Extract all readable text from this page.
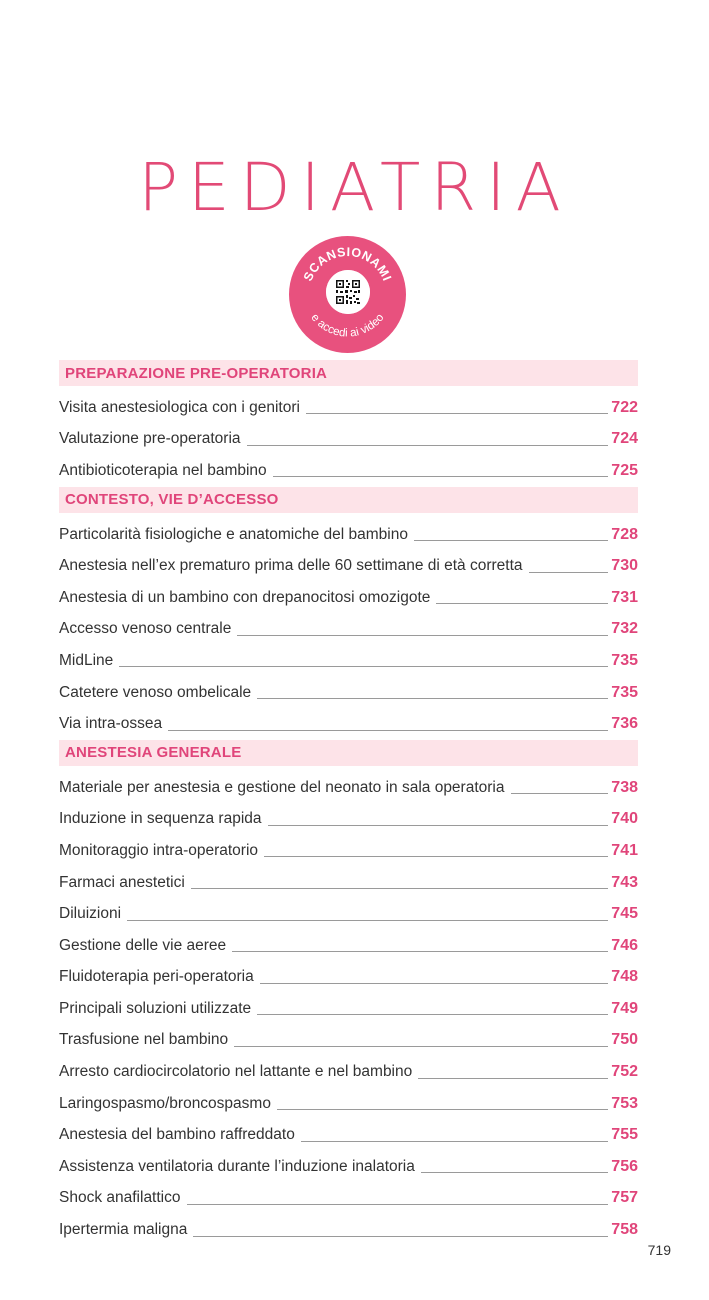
PEDIATRIA
SCANSIONAMI
e accedi ai video
PREPARAZIONE PRE-OPERATORIA
Visita anestesiologica con i genitori	722
Valutazione pre-operatoria	724
Antibioticoterapia nel bambino	725
CONTESTO, VIE D’ACCESSO
Particolarità fisiologiche e anatomiche del bambino	728
Anestesia nell’ex prematuro prima delle 60 settimane di età corretta	730
Anestesia di un bambino con drepanocitosi omozigote	731
Accesso venoso centrale	732
MidLine	735
Catetere venoso ombelicale	735
Via intra-ossea	736
ANESTESIA GENERALE
Materiale per anestesia e gestione del neonato in sala operatoria	738
Induzione in sequenza rapida	740
Monitoraggio intra-operatorio	741
Farmaci anestetici	743
Diluizioni	745
Gestione delle vie aeree	746
Fluidoterapia peri-operatoria	748
Principali soluzioni utilizzate	749
Trasfusione nel bambino	750
Arresto cardiocircolatorio nel lattante e nel bambino	752
Laringospasmo/broncospasmo	753
Anestesia del bambino raffreddato	755
Assistenza ventilatoria durante l’induzione inalatoria	756
Shock anafilattico	757
Ipertermia maligna	758
719
